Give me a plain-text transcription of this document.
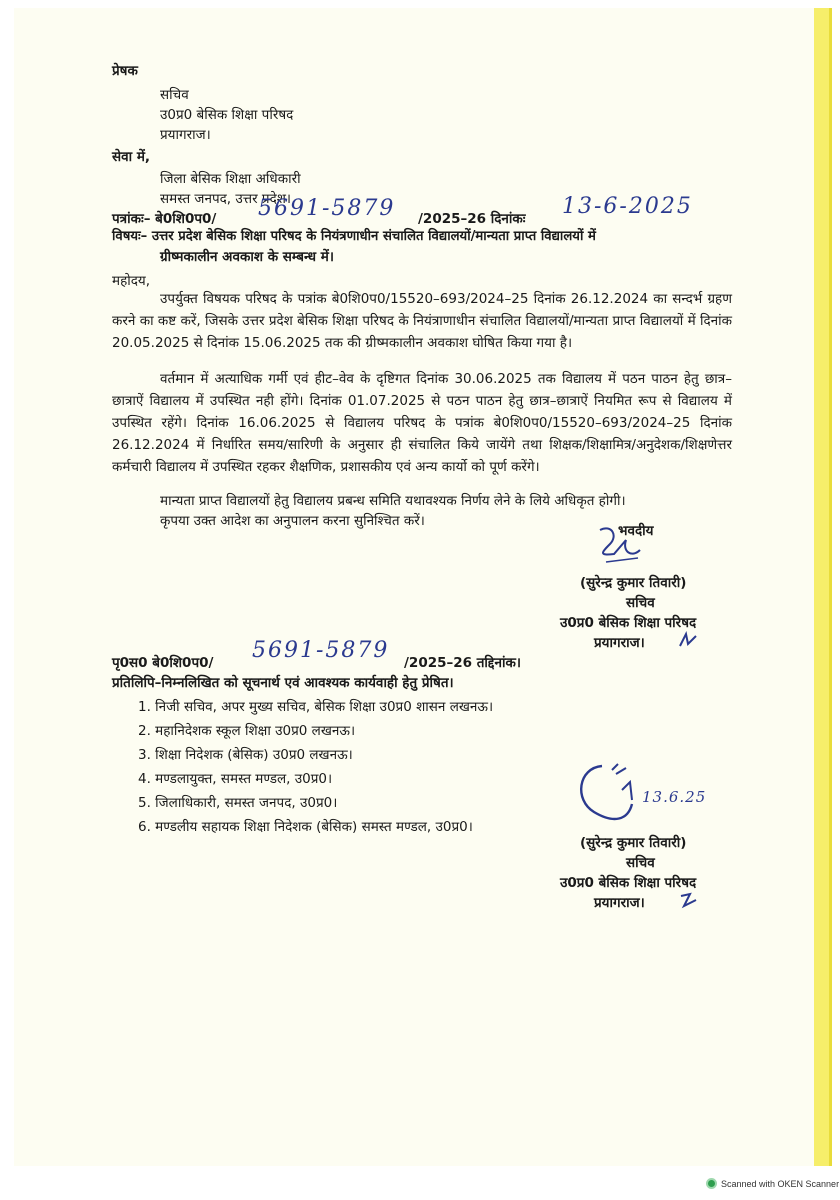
प्रेषक
सचिव
उ0प्र0 बेसिक शिक्षा परिषद
प्रयागराज।
सेवा में,
जिला बेसिक शिक्षा अधिकारी
समस्त जनपद, उत्तर प्रदेश।
पत्रांकः– बे0शि0प0/ 5691-5879 /2025–26 दिनांकः 13-6-2025
विषयः– उत्तर प्रदेश बेसिक शिक्षा परिषद के नियंत्रणाधीन संचालित विद्यालयों/मान्यता प्राप्त विद्यालयों में
ग्रीष्मकालीन अवकाश के सम्बन्ध में।
महोदय,
उपर्युक्त विषयक परिषद के पत्रांक बे0शि0प0/15520–693/2024–25 दिनांक 26.12.2024 का सन्दर्भ ग्रहण करने का कष्ट करें, जिसके उत्तर प्रदेश बेसिक शिक्षा परिषद के नियंत्राणाधीन संचालित विद्यालयों/मान्यता प्राप्त विद्यालयों में दिनांक 20.05.2025 से दिनांक 15.06.2025 तक की ग्रीष्मकालीन अवकाश घोषित किया गया है।
वर्तमान में अत्याधिक गर्मी एवं हीट–वेव के दृष्टिगत दिनांक 30.06.2025 तक विद्यालय में पठन पाठन हेतु छात्र–छात्राऐं विद्यालय में उपस्थित नही होंगे। दिनांक 01.07.2025 से पठन पाठन हेतु छात्र–छात्राऐं नियमित रूप से विद्यालय में उपस्थित रहेंगे। दिनांक 16.06.2025 से विद्यालय परिषद के पत्रांक बे0शि0प0/15520–693/2024–25 दिनांक 26.12.2024 में निर्धारित समय/सारिणी के अनुसार ही संचालित किये जायेंगे तथा शिक्षक/शिक्षामित्र/अनुदेशक/शिक्षणेत्तर कर्मचारी विद्यालय में उपस्थित रहकर शैक्षणिक, प्रशासकीय एवं अन्य कार्यो को पूर्ण करेंगे।
मान्यता प्राप्त विद्यालयों हेतु विद्यालय प्रबन्ध समिति यथावश्यक निर्णय लेने के लिये अधिकृत होगी।
कृपया उक्त आदेश का अनुपालन करना सुनिश्चित करें।
भवदीय
(सुरेन्द्र कुमार तिवारी)
सचिव
उ0प्र0 बेसिक शिक्षा परिषद
प्रयागराज।
पृ0स0 बे0शि0प0/ 5691-5879 /2025–26 तद्दिनांक।
प्रतिलिपि–निम्नलिखित को सूचनार्थ एवं आवश्यक कार्यवाही हेतु प्रेषित।
1. निजी सचिव, अपर मुख्य सचिव, बेसिक शिक्षा उ0प्र0 शासन लखनऊ।
2. महानिदेशक स्कूल शिक्षा उ0प्र0 लखनऊ।
3. शिक्षा निदेशक (बेसिक) उ0प्र0 लखनऊ।
4. मण्डलायुक्त, समस्त मण्डल, उ0प्र0।
5. जिलाधिकारी, समस्त जनपद, उ0प्र0।
6. मण्डलीय सहायक शिक्षा निदेशक (बेसिक) समस्त मण्डल, उ0प्र0।
13.6.25
(सुरेन्द्र कुमार तिवारी)
सचिव
उ0प्र0 बेसिक शिक्षा परिषद
प्रयागराज।
Scanned with OKEN Scanner
